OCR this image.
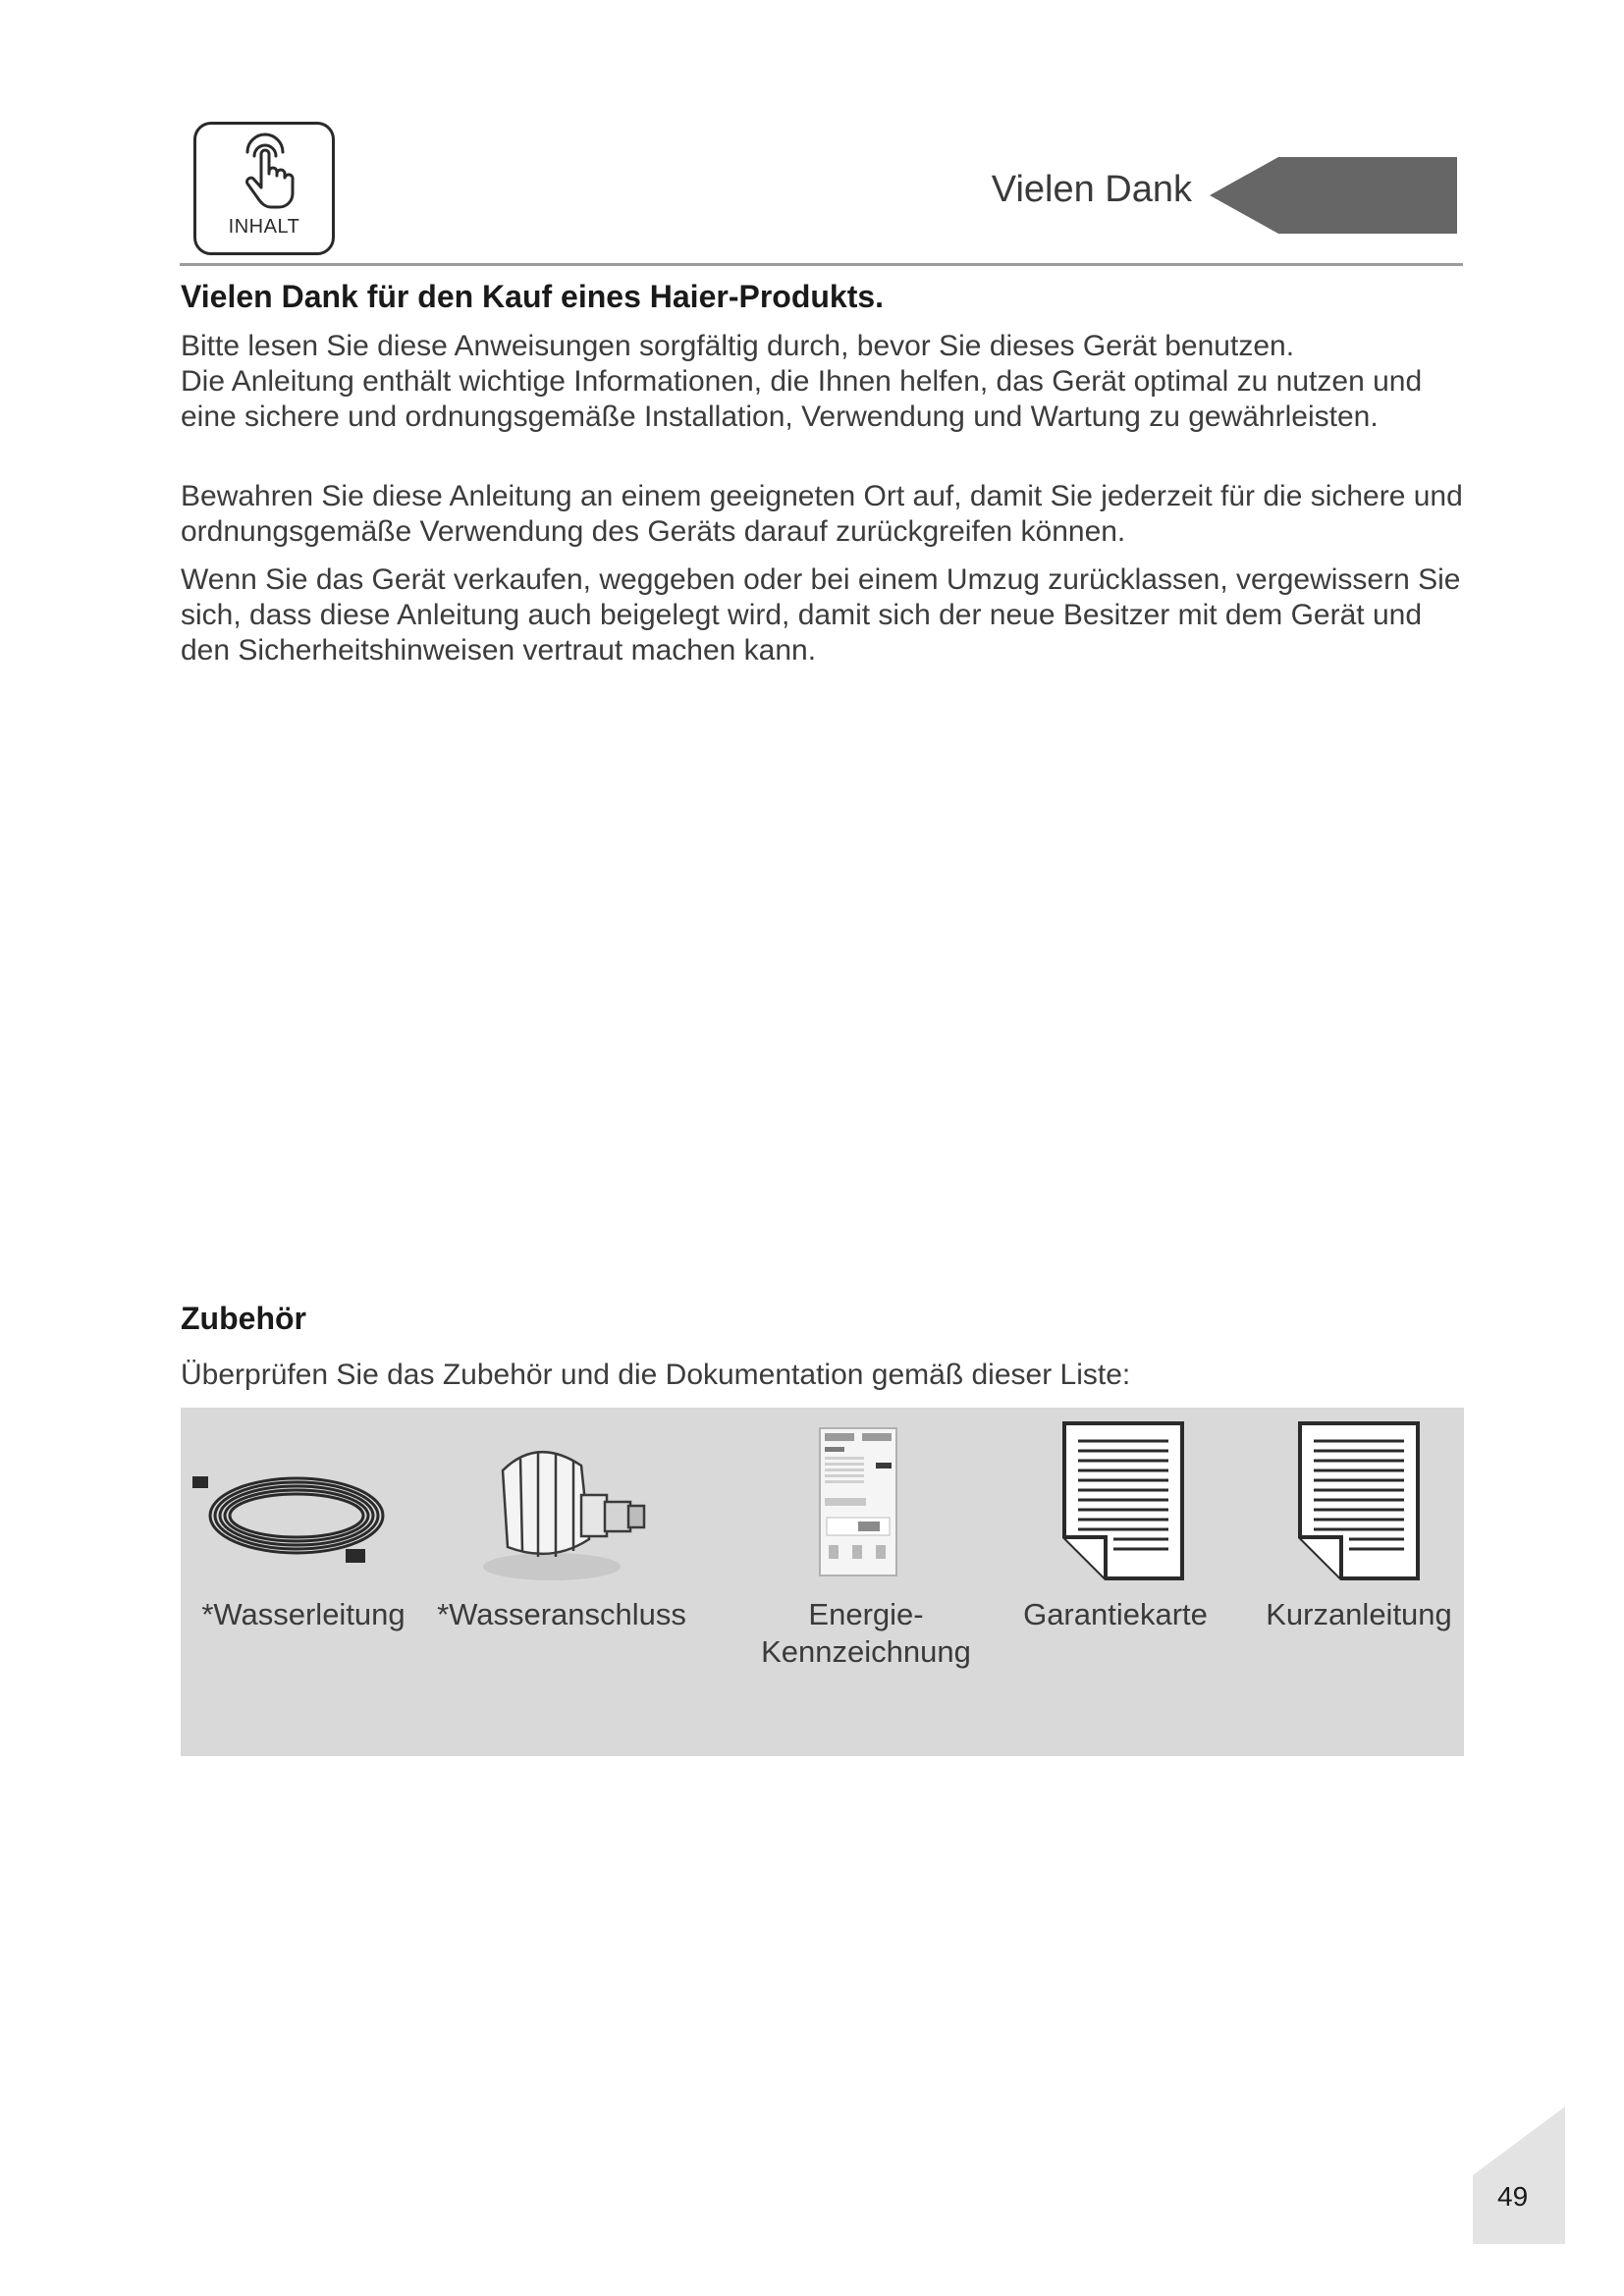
INHALT
Vielen Dank
Vielen Dank für den Kauf eines Haier-Produkts.

Bitte lesen Sie diese Anweisungen sorgfältig durch, bevor Sie dieses Gerät benutzen.

Die Anleitung enthält wichtige Informationen, die Ihnen helfen, das Gerät optimal zu nutzen und eine sichere und ordnungsgemäße Installation, Verwendung und Wartung zu gewährleisten.

Bewahren Sie diese Anleitung an einem geeigneten Ort auf, damit Sie jederzeit für die sichere und ordnungsgemäße Verwendung des Geräts darauf zurückgreifen können.

Wenn Sie das Gerät verkaufen, weggeben oder bei einem Umzug zurücklassen, vergewissern Sie sich, dass diese Anleitung auch beigelegt wird, damit sich der neue Besitzer mit dem Gerät und den Sicherheitshinweisen vertraut machen kann.

Zubehör

Überprüfen Sie das Zubehör und die Dokumentation gemäß dieser Liste:

*Wasserleitung	*Wasseranschluss	Energie-
Kennzeichnung
Garantiekarte	Kurzanleitung
49
